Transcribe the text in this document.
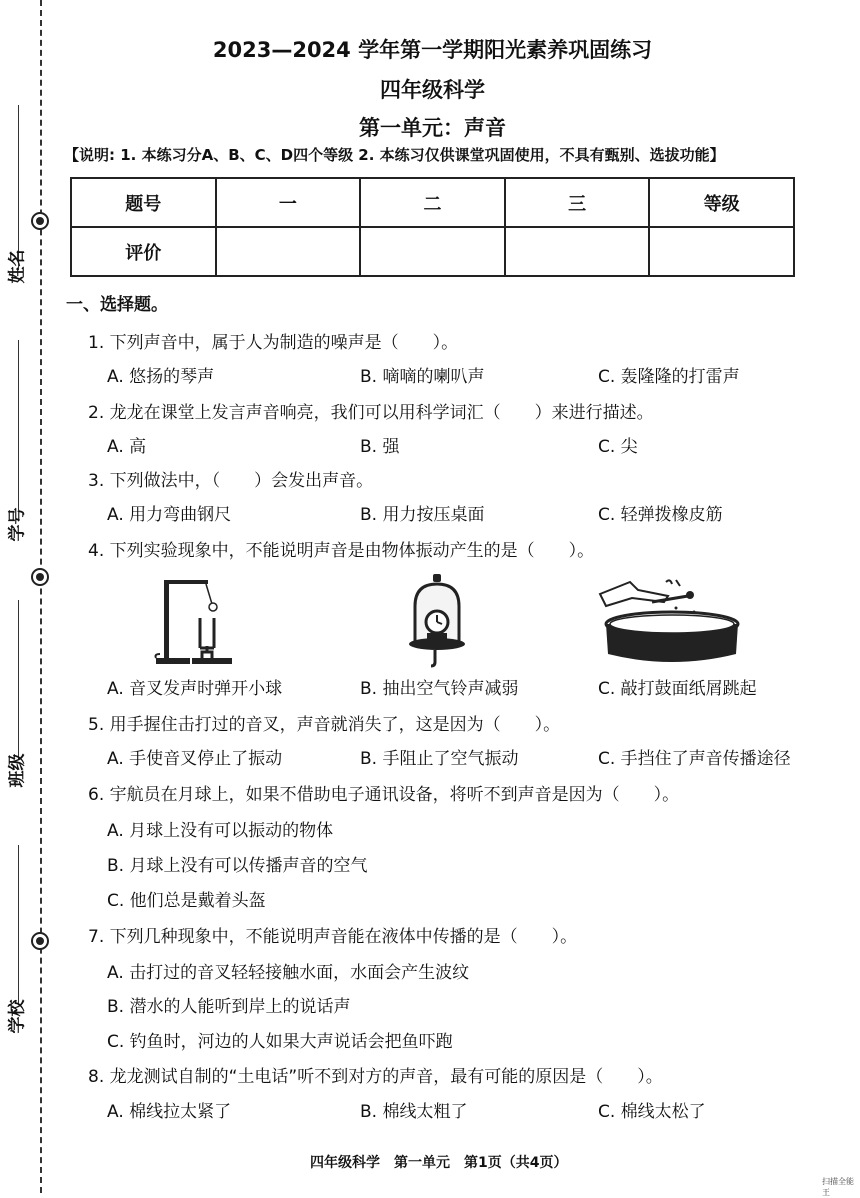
姓名
学号
班级
学校
2023—2024 学年第一学期阳光素养巩固练习
四年级科学
第一单元：声音
【说明: 1. 本练习分A、B、C、D四个等级 2. 本练习仅供课堂巩固使用，不具有甄别、选拔功能】
题号	一	二	三	等级
评价				
一、选择题。
1. 下列声音中，属于人为制造的噪声是（　　）。
A. 悠扬的琴声	B. 嘀嘀的喇叭声	C. 轰隆隆的打雷声
2. 龙龙在课堂上发言声音响亮，我们可以用科学词汇（　　）来进行描述。
A. 高	B. 强	C. 尖
3. 下列做法中，（　　）会发出声音。
A. 用力弯曲钢尺	B. 用力按压桌面	C. 轻弹拨橡皮筋
4. 下列实验现象中，不能说明声音是由物体振动产生的是（　　）。
A. 音叉发声时弹开小球	B. 抽出空气铃声减弱	C. 敲打鼓面纸屑跳起
5. 用手握住击打过的音叉，声音就消失了，这是因为（　　）。
A. 手使音叉停止了振动	B. 手阻止了空气振动	C. 手挡住了声音传播途径
6. 宇航员在月球上，如果不借助电子通讯设备，将听不到声音是因为（　　）。
A. 月球上没有可以振动的物体
B. 月球上没有可以传播声音的空气
C. 他们总是戴着头盔
7. 下列几种现象中，不能说明声音能在液体中传播的是（　　）。
A. 击打过的音叉轻轻接触水面，水面会产生波纹
B. 潜水的人能听到岸上的说话声
C. 钓鱼时，河边的人如果大声说话会把鱼吓跑
8. 龙龙测试自制的“土电话”听不到对方的声音，最有可能的原因是（　　）。
A. 棉线拉太紧了	B. 棉线太粗了	C. 棉线太松了
四年级科学　第一单元　第1页（共4页）
扫描全能王
